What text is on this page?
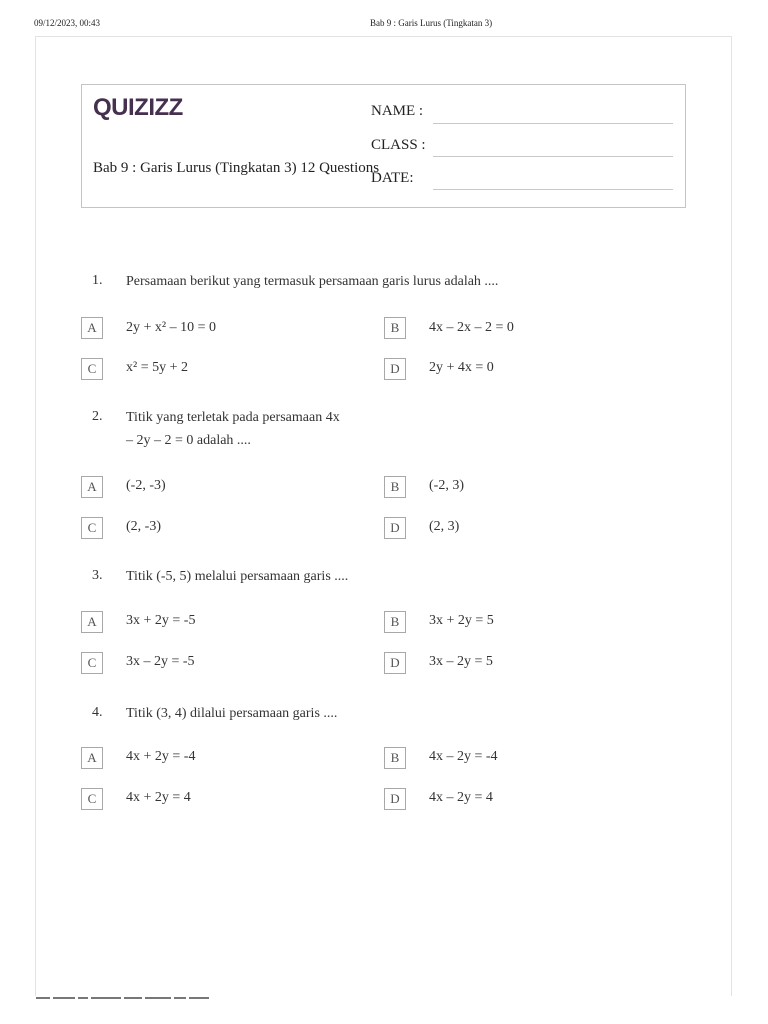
09/12/2023, 00:43	Bab 9 : Garis Lurus (Tingkatan 3)
QUIZIZZ
Bab 9 : Garis Lurus (Tingkatan 3) 12 Questions
NAME :
CLASS :
DATE:
1. Persamaan berikut yang termasuk persamaan garis lurus adalah ....
A	2y + x² – 10 = 0	B	4x – 2x – 2 = 0
C	x² = 5y + 2	D	2y + 4x = 0
2. Titik yang terletak pada persamaan 4x
– 2y – 2 = 0 adalah ....
A	(-2, -3)	B	(-2, 3)
C	(2, -3)	D	(2, 3)
3. Titik (-5, 5) melalui persamaan garis ....
A	3x + 2y = -5	B	3x + 2y = 5
C	3x – 2y = -5	D	3x – 2y = 5
4. Titik (3, 4) dilalui persamaan garis ....
A	4x + 2y = -4	B	4x – 2y = -4
C	4x + 2y = 4	D	4x – 2y = 4
